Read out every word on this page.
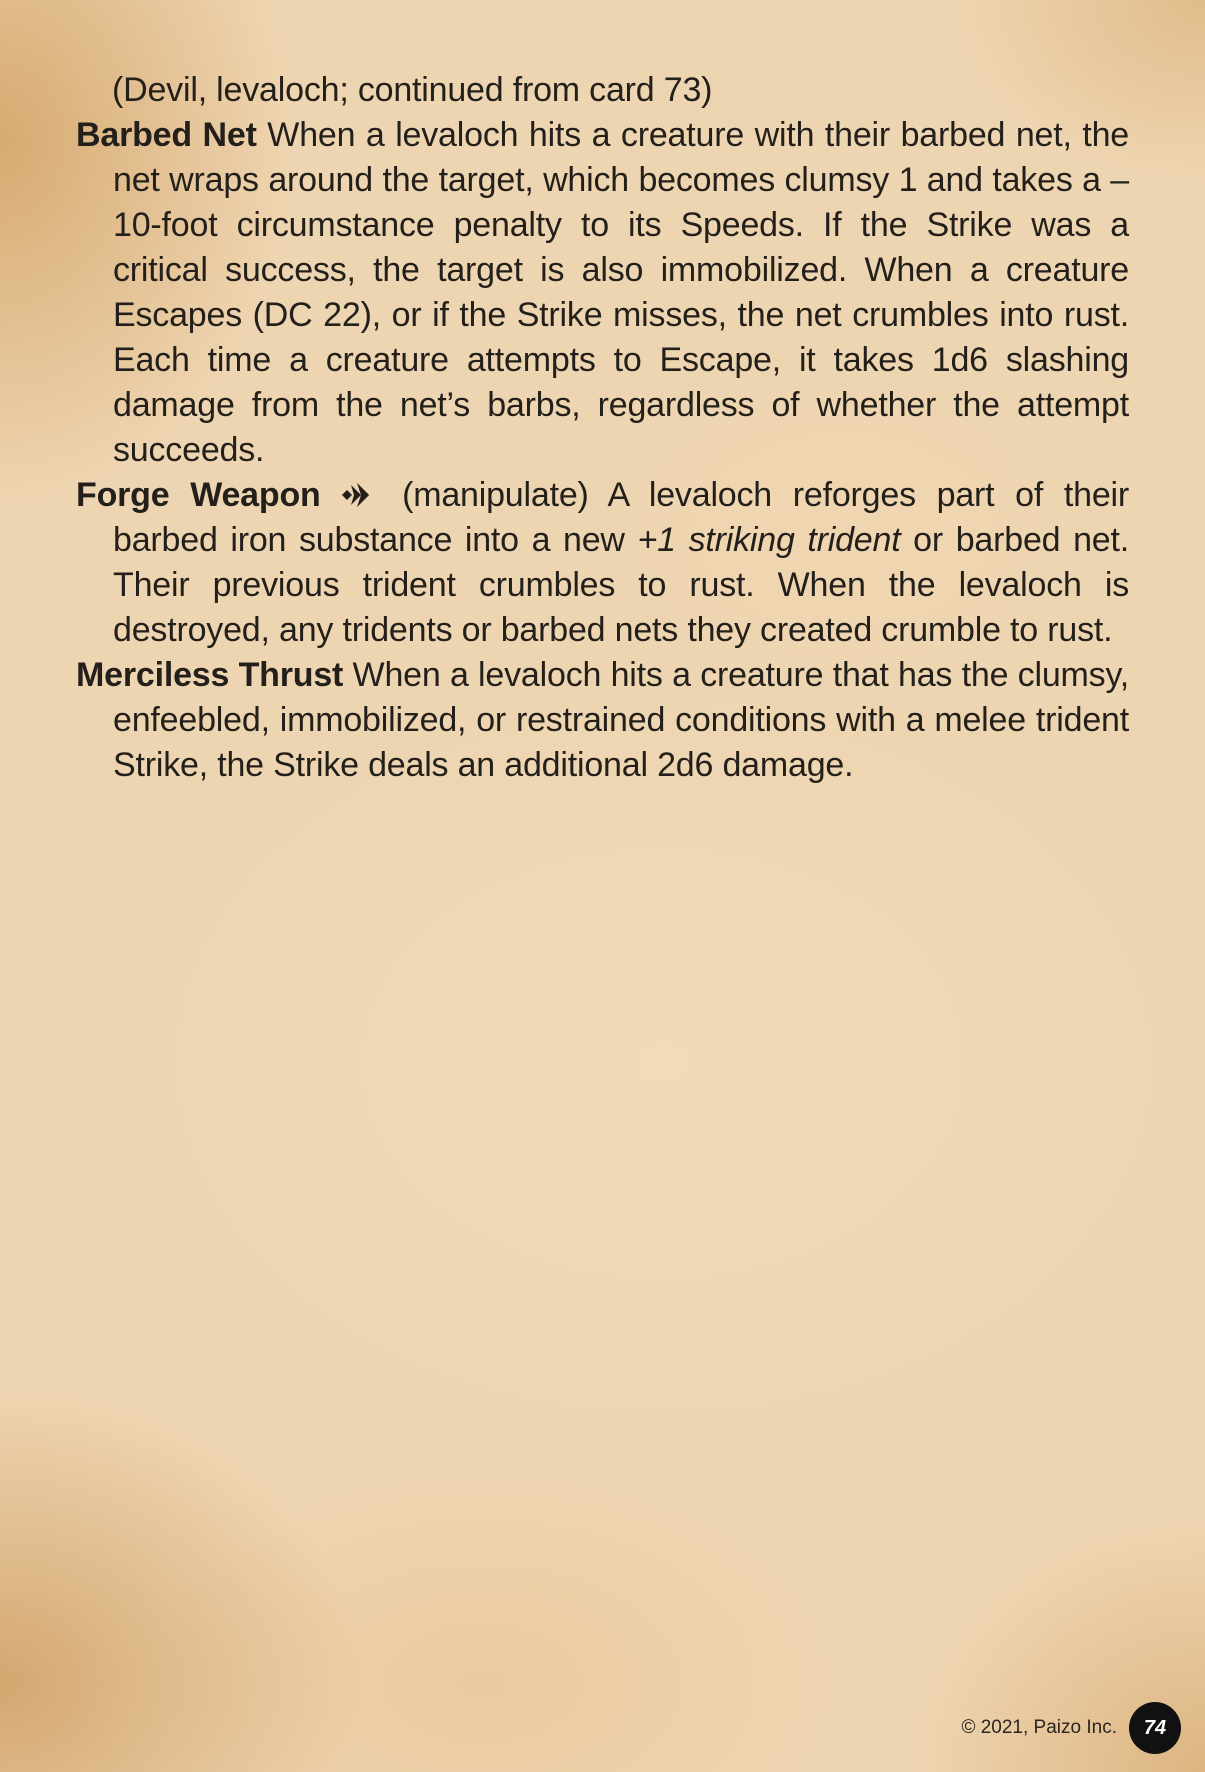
(Devil, levaloch; continued from card 73)

Barbed Net When a levaloch hits a creature with their barbed net, the net wraps around the target, which becomes clumsy 1 and takes a –10-foot circumstance penalty to its Speeds. If the Strike was a critical success, the target is also immobilized. When a creature Escapes (DC 22), or if the Strike misses, the net crumbles into rust. Each time a creature attempts to Escape, it takes 1d6 slashing damage from the net’s barbs, regardless of whether the attempt succeeds.

Forge Weapon
(manipulate) A levaloch reforges part of their barbed iron substance into a new +1 striking trident or barbed net. Their previous trident crumbles to rust. When the levaloch is destroyed, any tridents or barbed nets they created crumble to rust.

Merciless Thrust When a levaloch hits a creature that has the clumsy, enfeebled, immobilized, or restrained conditions with a melee trident Strike, the Strike deals an additional 2d6 damage.

© 2021, Paizo Inc.	74
